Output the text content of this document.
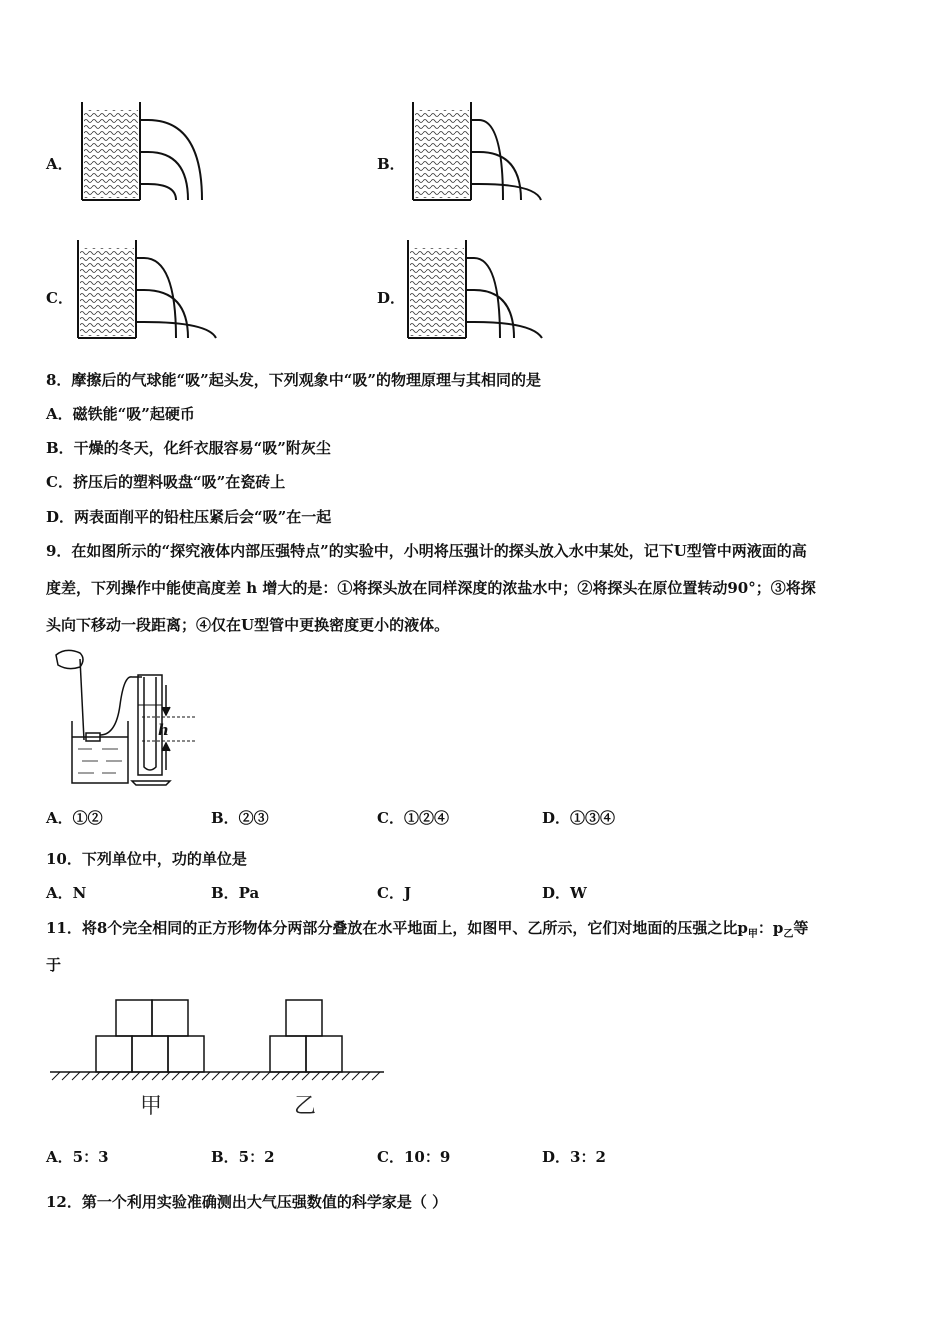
A．	B．
C．	D．
8．摩擦后的气球能“吸”起头发，下列观象中“吸”的物理原理与其相同的是
A．磁铁能“吸”起硬币
B．干燥的冬天，化纤衣服容易“吸”附灰尘
C．挤压后的塑料吸盘“吸”在瓷砖上
D．两表面削平的铅柱压紧后会“吸”在一起
9．在如图所示的“探究液体内部压强特点”的实验中，小明将压强计的探头放入水中某处，记下U型管中两液面的高
度差，下列操作中能使高度差 h 增大的是：①将探头放在同样深度的浓盐水中；②将探头在原位置转动90°；③将探
头向下移动一段距离；④仅在U型管中更换密度更小的液体。
h
A．①②	B．②③	C．①②④	D．①③④
10．下列单位中，功的单位是
A．N	B．Pa	C．J	D．W
11．将8个完全相同的正方形物体分两部分叠放在水平地面上，如图甲、乙所示，它们对地面的压强之比$p_甲$：$p_乙$等
于
甲	乙
A．5：3	B．5：2	C．10：9	D．3：2
12．第一个利用实验准确测出大气压强数值的科学家是（ ）
